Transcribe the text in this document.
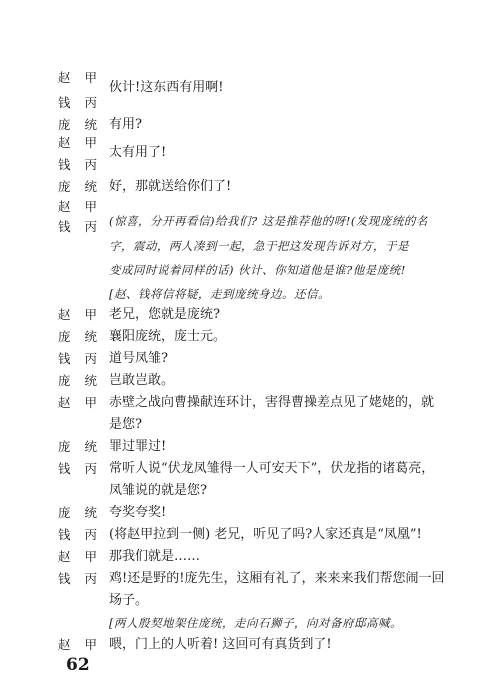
赵甲
伙计!这东西有用啊!
钱丙
庞统
有用?
赵甲
太有用了!
钱丙
庞统
好，那就送给你们了!
赵甲
钱丙
(惊喜，分开再看信)给我们? 这是推荐他的呀!(发现庞统的名
字，震动，两人凑到一起，急于把这发现告诉对方，于是
变成同时说着同样的话) 伙计、你知道他是谁?他是庞统!
[赵、钱将信将疑，走到庞统身边。还信。
赵甲
老兄，您就是庞统?
庞统
襄阳庞统，庞士元。
钱丙
道号凤雏?
庞统
岂敢岂敢。
赵甲
赤壁之战向曹操献连环计，害得曹操差点见了姥姥的，就
是您?
庞统
罪过罪过!
钱丙
常听人说“伏龙凤雏得一人可安天下”，伏龙指的诸葛亮，
凤雏说的就是您?
庞统
夸奖夸奖!
钱丙
(将赵甲拉到一侧) 老兄，听见了吗?人家还真是“凤凰”!
赵甲
那我们就是……
钱丙
鸡!还是野的!庞先生，这厢有礼了，来来来我们帮您闹一回
场子。
[两人殷契地架住庞统，走向石狮子，向对备府邸高喊。
赵甲
喂，门上的人听着! 这回可有真货到了!
62
